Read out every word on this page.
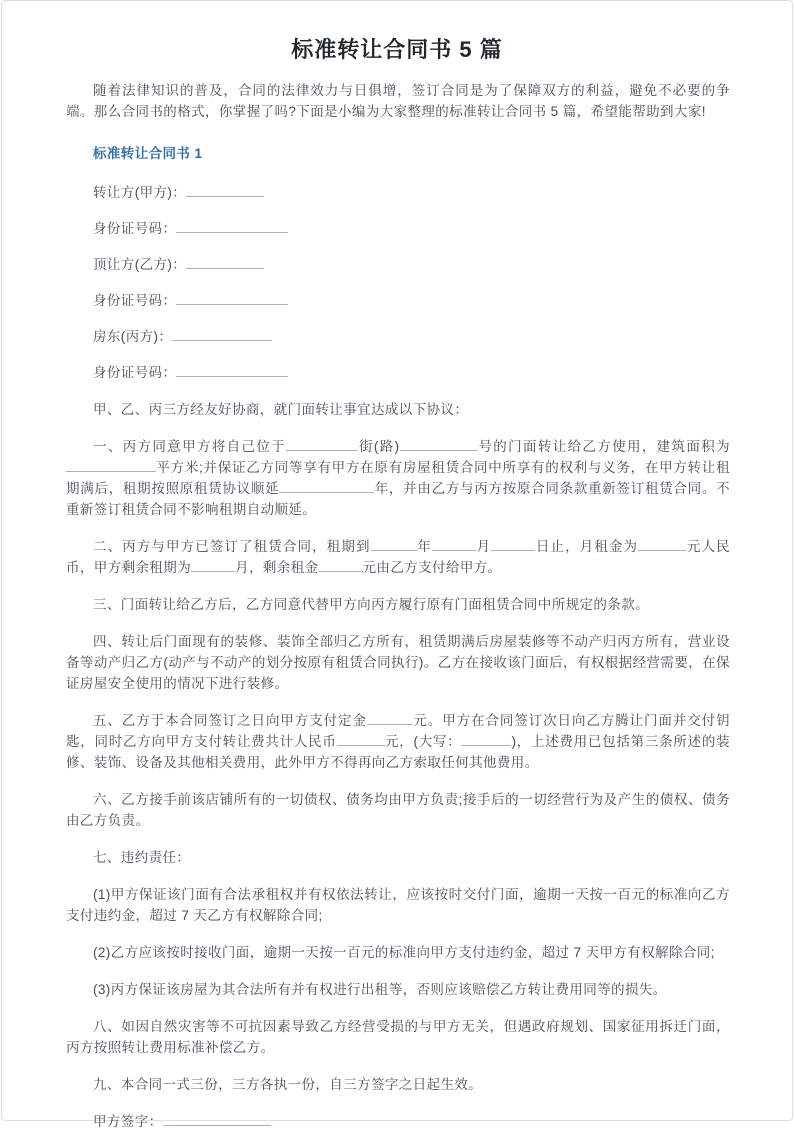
标准转让合同书 5 篇

随着法律知识的普及，合同的法律效力与日俱增，签订合同是为了保障双方的利益，避免不必要的争端。那么合同书的格式，你掌握了吗?下面是小编为大家整理的标准转让合同书 5 篇，希望能帮助到大家!

标准转让合同书 1

转让方(甲方)：

身份证号码：

顶让方(乙方)：

身份证号码：

房东(丙方)：

身份证号码：

甲、乙、丙三方经友好协商，就门面转让事宜达成以下协议：

一、丙方同意甲方将自己位于	街(路)	号的门面转让给乙方使用，建筑面积为平方米;并保证乙方同等享有甲方在原有房屋租赁合同中所享有的权利与义务，在甲方转让租期满后，租期按照原租赁协议顺延	年，并由乙方与丙方按原合同条款重新签订租赁合同。不重新签订租赁合同不影响租期自动顺延。

二、丙方与甲方已签订了租赁合同，租期到	年	月	日止，月租金为	元人民币，甲方剩余租期为	月，剩余租金	元由乙方支付给甲方。

三、门面转让给乙方后，乙方同意代替甲方向丙方履行原有门面租赁合同中所规定的条款。

四、转让后门面现有的装修、装饰全部归乙方所有，租赁期满后房屋装修等不动产归丙方所有，营业设备等动产归乙方(动产与不动产的划分按原有租赁合同执行)。乙方在接收该门面后，有权根据经营需要，在保证房屋安全使用的情况下进行装修。

五、乙方于本合同签订之日向甲方支付定金	元。甲方在合同签订次日向乙方腾让门面并交付钥匙，同时乙方向甲方支付转让费共计人民币	元，(大写：	)，上述费用已包括第三条所述的装修、装饰、设备及其他相关费用，此外甲方不得再向乙方索取任何其他费用。

六、乙方接手前该店铺所有的一切债权、债务均由甲方负责;接手后的一切经营行为及产生的债权、债务由乙方负责。

七、违约责任：

(1)甲方保证该门面有合法承租权并有权依法转让，应该按时交付门面，逾期一天按一百元的标准向乙方支付违约金，超过 7 天乙方有权解除合同;

(2)乙方应该按时接收门面，逾期一天按一百元的标准向甲方支付违约金，超过 7 天甲方有权解除合同;

(3)丙方保证该房屋为其合法所有并有权进行出租等，否则应该赔偿乙方转让费用同等的损失。

八、如因自然灾害等不可抗因素导致乙方经营受损的与甲方无关，但遇政府规划、国家征用拆迁门面，丙方按照转让费用标准补偿乙方。

九、本合同一式三份，三方各执一份，自三方签字之日起生效。

甲方签字：
